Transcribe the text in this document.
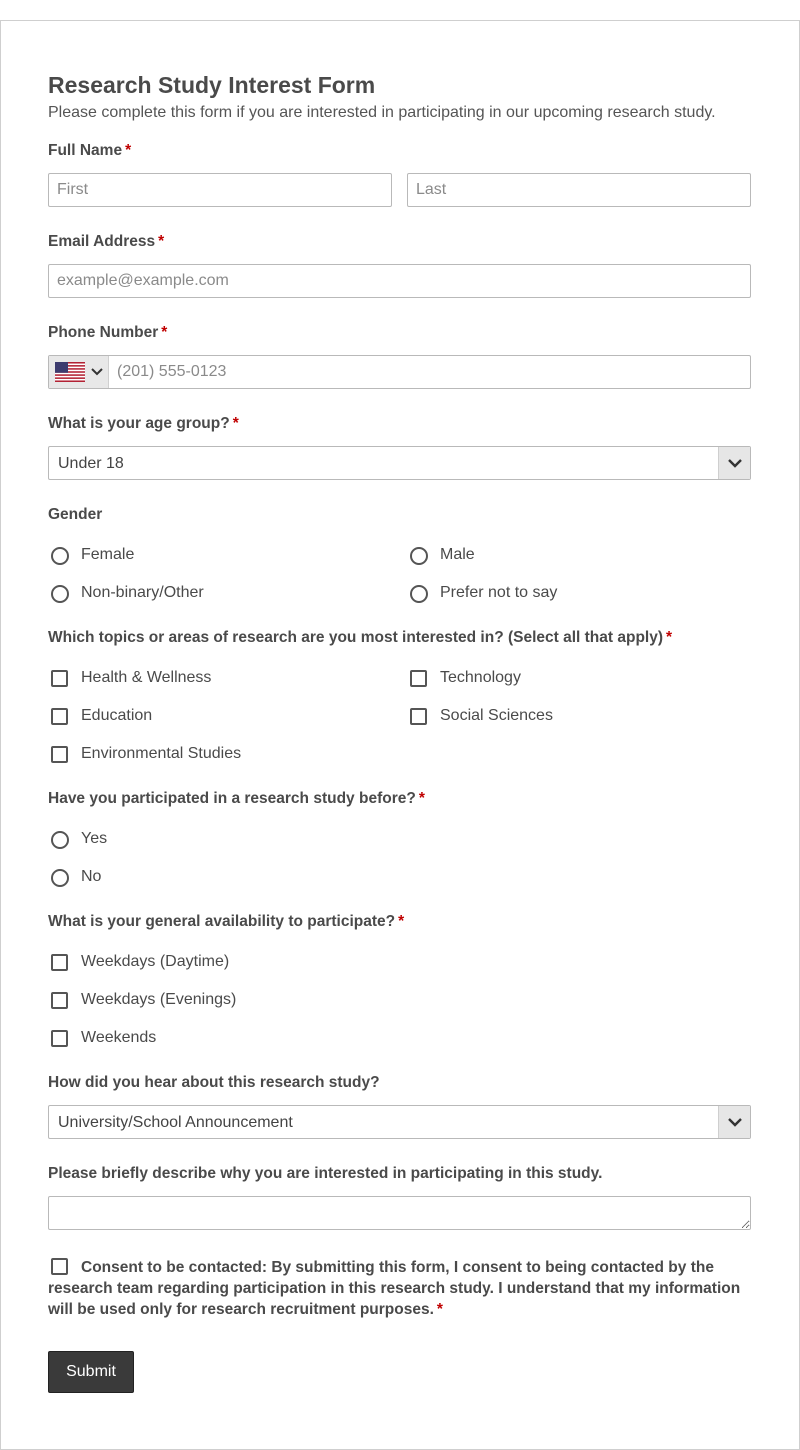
Research Study Interest Form
Please complete this form if you are interested in participating in our upcoming research study.
Full Name *
First
Last
Email Address *
example@example.com
Phone Number *
(201) 555-0123
What is your age group? *
Under 18
Gender
Female	Male
Non-binary/Other	Prefer not to say
Which topics or areas of research are you most interested in? (Select all that apply) *
Health & Wellness	Technology
Education	Social Sciences
Environmental Studies
Have you participated in a research study before? *
Yes
No
What is your general availability to participate? *
Weekdays (Daytime)
Weekdays (Evenings)
Weekends
How did you hear about this research study?
University/School Announcement
Please briefly describe why you are interested in participating in this study.
Consent to be contacted: By submitting this form, I consent to being contacted by the research team regarding participation in this research study. I understand that my information will be used only for research recruitment purposes. *
Submit
